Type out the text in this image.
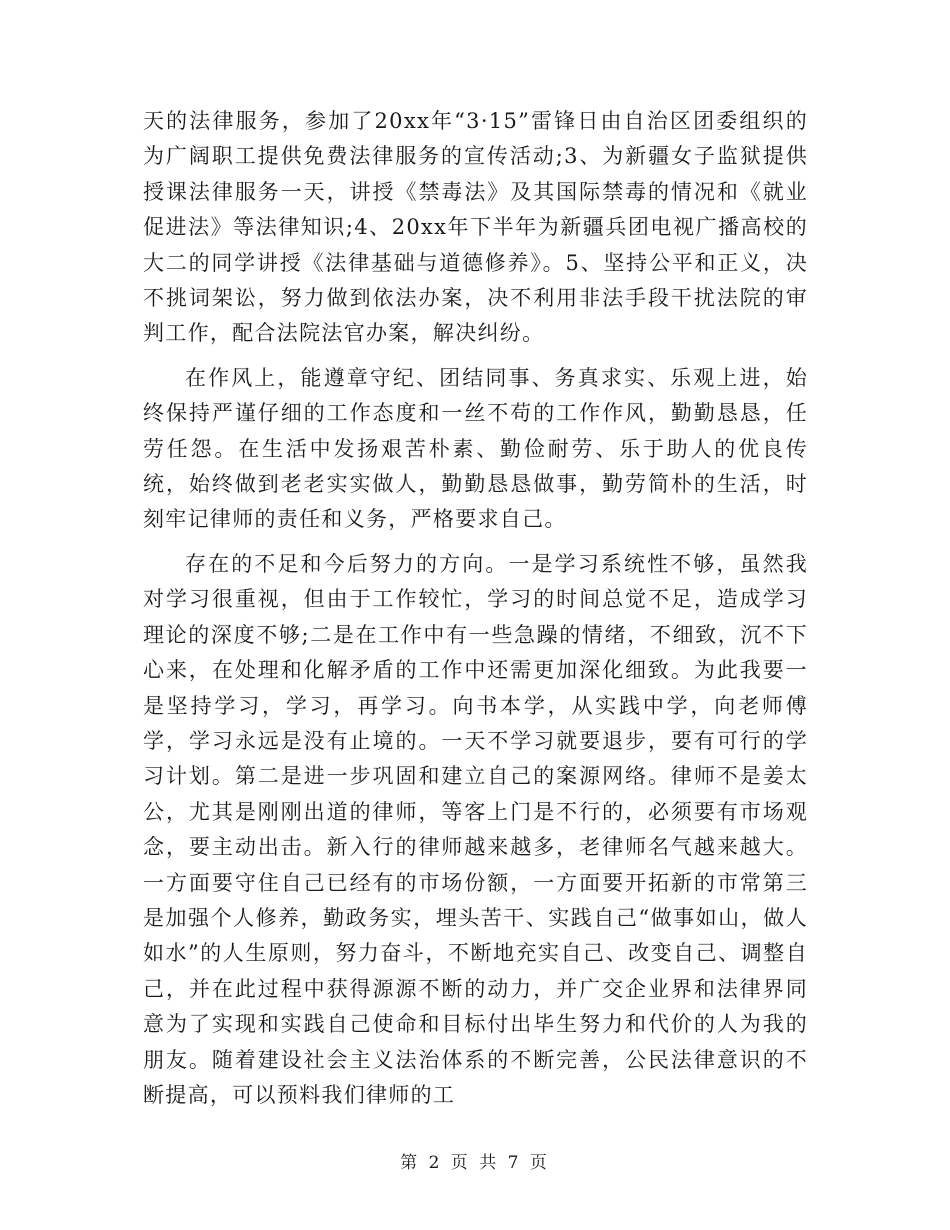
天的法律服务，参加了20xx年“3·15”雷锋日由自治区团委组织的为广阔职工提供免费法律服务的宣传活动;3、为新疆女子监狱提供授课法律服务一天，讲授《禁毒法》及其国际禁毒的情况和《就业促进法》等法律知识;4、20xx年下半年为新疆兵团电视广播高校的大二的同学讲授《法律基础与道德修养》。5、坚持公平和正义，决不挑词架讼，努力做到依法办案，决不利用非法手段干扰法院的审判工作，配合法院法官办案，解决纠纷。

在作风上，能遵章守纪、团结同事、务真求实、乐观上进，始终保持严谨仔细的工作态度和一丝不苟的工作作风，勤勤恳恳，任劳任怨。在生活中发扬艰苦朴素、勤俭耐劳、乐于助人的优良传统，始终做到老老实实做人，勤勤恳恳做事，勤劳简朴的生活，时刻牢记律师的责任和义务，严格要求自己。

存在的不足和今后努力的方向。一是学习系统性不够，虽然我对学习很重视，但由于工作较忙，学习的时间总觉不足，造成学习理论的深度不够;二是在工作中有一些急躁的情绪，不细致，沉不下心来，在处理和化解矛盾的工作中还需更加深化细致。为此我要一是坚持学习，学习，再学习。向书本学，从实践中学，向老师傅学，学习永远是没有止境的。一天不学习就要退步，要有可行的学习计划。第二是进一步巩固和建立自己的案源网络。律师不是姜太公，尤其是刚刚出道的律师，等客上门是不行的，必须要有市场观念，要主动出击。新入行的律师越来越多，老律师名气越来越大。一方面要守住自己已经有的市场份额，一方面要开拓新的市常第三是加强个人修养，勤政务实，埋头苦干、实践自己“做事如山，做人如水”的人生原则，努力奋斗，不断地充实自己、改变自己、调整自己，并在此过程中获得源源不断的动力，并广交企业界和法律界同意为了实现和实践自己使命和目标付出毕生努力和代价的人为我的朋友。随着建设社会主义法治体系的不断完善，公民法律意识的不断提高，可以预料我们律师的工

第 2 页 共 7 页
